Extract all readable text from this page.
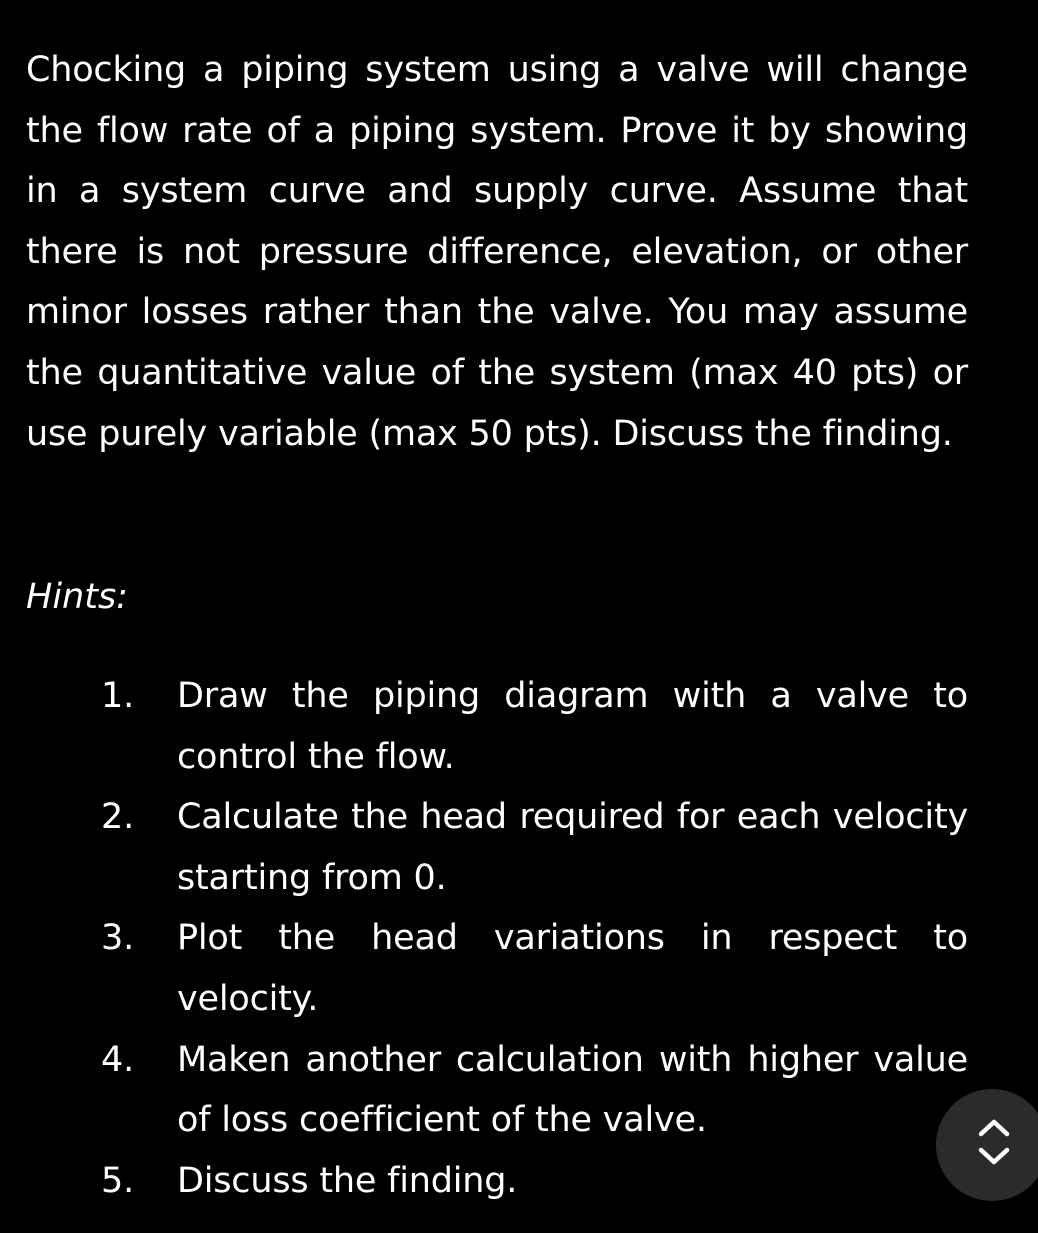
Chocking a piping system using a valve will change the flow rate of a piping system. Prove it by showing in a system curve and supply curve. Assume that there is not pressure difference, elevation, or other minor losses rather than the valve. You may assume the quantitative value of the system (max 40 pts) or use purely variable (max 50 pts). Discuss the finding.

Hints:

1. Draw the piping diagram with a valve to control the flow.
2. Calculate the head required for each velocity starting from 0.
3. Plot the head variations in respect to velocity.
4. Maken another calculation with higher value of loss coefficient of the valve.
5. Discuss the finding.
